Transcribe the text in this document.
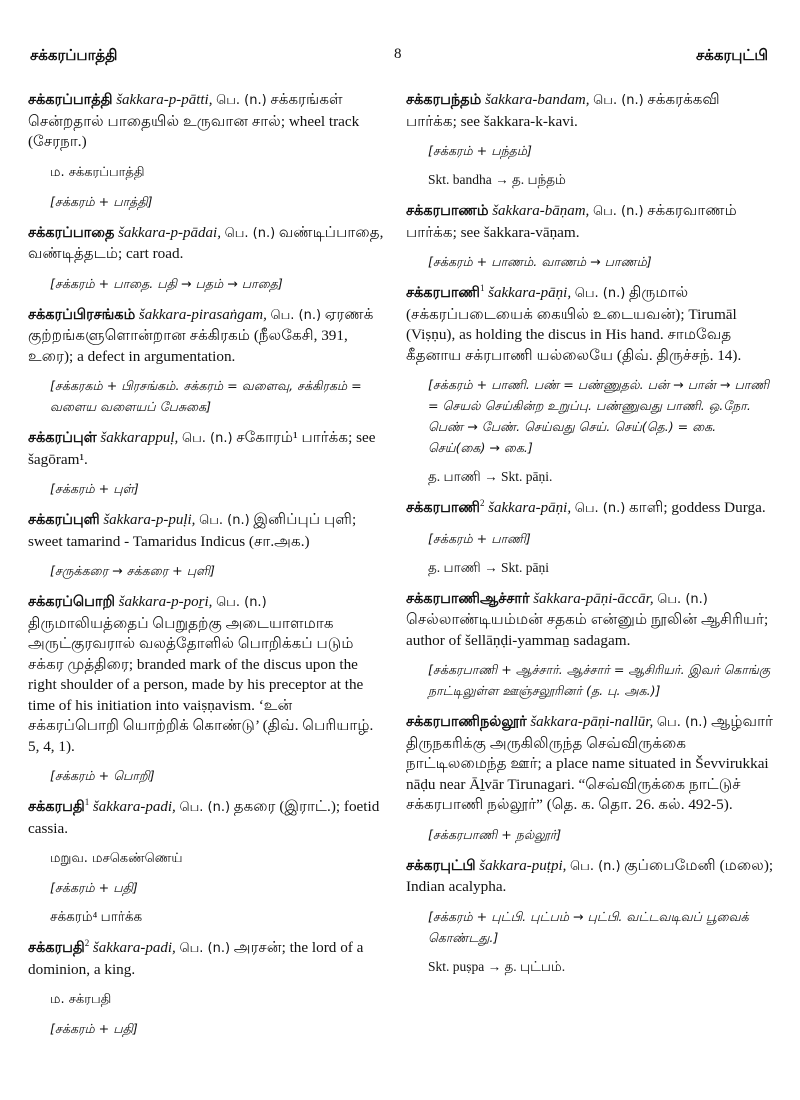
சக்கரப்பாத்தி	8	சக்கரபுட்பி
சக்கரப்பாத்தி šakkara-p-pātti, பெ. (n.) சக்கரங்கள் சென்றதால் பாதையில் உருவான சால்; wheel track (சேரநா.)
ம. சக்கரப்பாத்தி
[சக்கரம் + பாத்தி]
சக்கரப்பாதை šakkara-p-pādai, பெ. (n.) வண்டிப்பாதை, வண்டித்தடம்; cart road.
[சக்கரம் + பாதை. பதி → பதம் → பாதை]
சக்கரப்பிரசங்கம் šakkara-pirasaṅgam, பெ. (n.) ஏரணக் குற்றங்களுளொன்றான சக்கிரகம் (நீலகேசி, 391, உரை); a defect in argumentation.
[சக்கரகம் + பிரசங்கம். சக்கரம் = வளைவு, சக்கிரகம் = வளைய வளையப் பேசுகை]
சக்கரப்புள் šakkarappuḷ, பெ. (n.) சகோரம்¹ பார்க்க; see šagōram¹.
[சக்கரம் + புள்]
சக்கரப்புளி šakkara-p-puḷi, பெ. (n.) இனிப்புப் புளி; sweet tamarind - Tamaridus Indicus (சா.அக.)
[சருக்கரை → சக்கரை + புளி]
சக்கரப்பொறி šakkara-p-poṟi, பெ. (n.) திருமாலியத்தைப் பெறுதற்கு அடையாளமாக அருட்குரவரால் வலத்தோளில் பொறிக்கப் படும் சக்கர முத்திரை; branded mark of the discus upon the right shoulder of a person, made by his preceptor at the time of his initiation into vaiṣṇavism. ‘உன் சக்கரப்பொறி யொற்றிக் கொண்டு’ (திவ். பெரியாழ். 5, 4, 1).
[சக்கரம் + பொறி]
சக்கரபதி$^1$ šakkara-padi, பெ. (n.) தகரை (இராட்.); foetid cassia.
மறுவ. மசகெண்ணெய்
[சக்கரம் + பதி]
சக்கரம்⁴ பார்க்க
சக்கரபதி$^2$ šakkara-padi, பெ. (n.) அரசன்; the lord of a dominion, a king.
ம. சக்ரபதி
[சக்கரம் + பதி]
சக்கரபந்தம் šakkara-bandam, பெ. (n.) சக்கரக்கவி பார்க்க; see šakkara-k-kavi.
[சக்கரம் + பந்தம்]
Skt. bandha → த. பந்தம்
சக்கரபாணம் šakkara-bāṇam, பெ. (n.) சக்கரவாணம் பார்க்க; see šakkara-vāṇam.
[சக்கரம் + பாணம். வாணம் → பாணம்]
சக்கரபாணி$^1$ šakkara-pāṇi, பெ. (n.) திருமால் (சக்கரப்படையைக் கையில் உடையவன்); Tirumāl (Viṣṇu), as holding the discus in His hand. சாமவேத கீதனாய சக்ரபாணி யல்லையே (திவ். திருச்சந். 14).
[சக்கரம் + பாணி. பண் = பண்ணுதல். பன் → பான் → பாணி = செயல் செய்கின்ற உறுப்பு. பண்ணுவது பாணி. ஒ.நோ. பெண் → பேண். செய்வது செய். செய்(தெ.) = கை. செய்(கை) → கை.]
த. பாணி → Skt. pāṇi.
சக்கரபாணி$^2$ šakkara-pāṇi, பெ. (n.) காளி; goddess Durga.
[சக்கரம் + பாணி]
த. பாணி → Skt. pāṇi
சக்கரபாணிஆச்சார் šakkara-pāṇi-āccār, பெ. (n.) செல்லாண்டியம்மன் சதகம் என்னும் நூலின் ஆசிரியர்; author of šellāṇḍi-yammaṉ sadagam.
[சக்கரபாணி + ஆச்சார். ஆச்சார் = ஆசிரியர். இவர் கொங்கு நாட்டிலுள்ள ஊஞ்சலூரினர் (த. பு. அக.)]
சக்கரபாணிநல்லூர் šakkara-pāṇi-nallūr, பெ. (n.) ஆழ்வார் திருநகரிக்கு அருகிலிருந்த செவ்விருக்கை நாட்டிலமைந்த ஊர்; a place name situated in Ševvirukkai nāḍu near Āḻvār Tirunagari. “செவ்விருக்கை நாட்டுச் சக்கரபாணி நல்லூர்” (தெ. க. தொ. 26. கல். 492-5).
[சக்கரபாணி + நல்லூர்]
சக்கரபுட்பி šakkara-puṭpi, பெ. (n.) குப்பைமேனி (மலை); Indian acalypha.
[சக்கரம் + புட்பி. புட்பம் → புட்பி. வட்டவடிவப் பூவைக் கொண்டது.]
Skt. puṣpa → த. புட்பம்.
